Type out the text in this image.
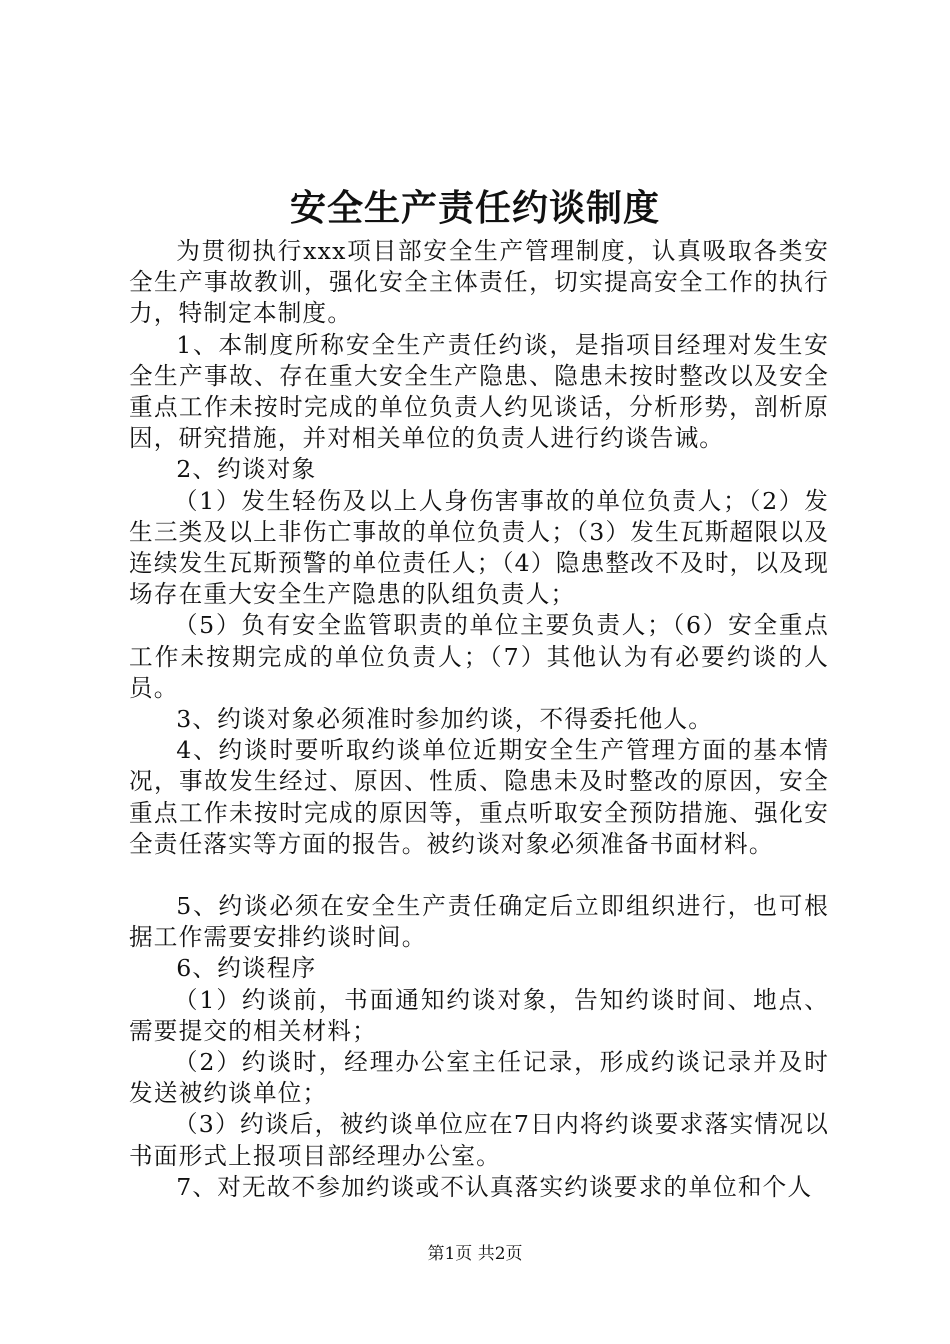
安全生产责任约谈制度

为贯彻执行xxx项目部安全生产管理制度，认真吸取各类安全生产事故教训，强化安全主体责任，切实提高安全工作的执行力，特制定本制度。

1、本制度所称安全生产责任约谈，是指项目经理对发生安全生产事故、存在重大安全生产隐患、隐患未按时整改以及安全重点工作未按时完成的单位负责人约见谈话，分析形势，剖析原因，研究措施，并对相关单位的负责人进行约谈告诫。

2、约谈对象

（1）发生轻伤及以上人身伤害事故的单位负责人；（2）发生三类及以上非伤亡事故的单位负责人；（3）发生瓦斯超限以及连续发生瓦斯预警的单位责任人；（4）隐患整改不及时，以及现场存在重大安全生产隐患的队组负责人；

（5）负有安全监管职责的单位主要负责人；（6）安全重点工作未按期完成的单位负责人；（7）其他认为有必要约谈的人员。

3、约谈对象必须准时参加约谈，不得委托他人。

4、约谈时要听取约谈单位近期安全生产管理方面的基本情况，事故发生经过、原因、性质、隐患未及时整改的原因，安全重点工作未按时完成的原因等，重点听取安全预防措施、强化安全责任落实等方面的报告。被约谈对象必须准备书面材料。

5、约谈必须在安全生产责任确定后立即组织进行，也可根据工作需要安排约谈时间。

6、约谈程序

（1）约谈前，书面通知约谈对象，告知约谈时间、地点、需要提交的相关材料；

（2）约谈时，经理办公室主任记录，形成约谈记录并及时发送被约谈单位；

（3）约谈后，被约谈单位应在7日内将约谈要求落实情况以书面形式上报项目部经理办公室。

7、对无故不参加约谈或不认真落实约谈要求的单位和个人

第1页 共2页
